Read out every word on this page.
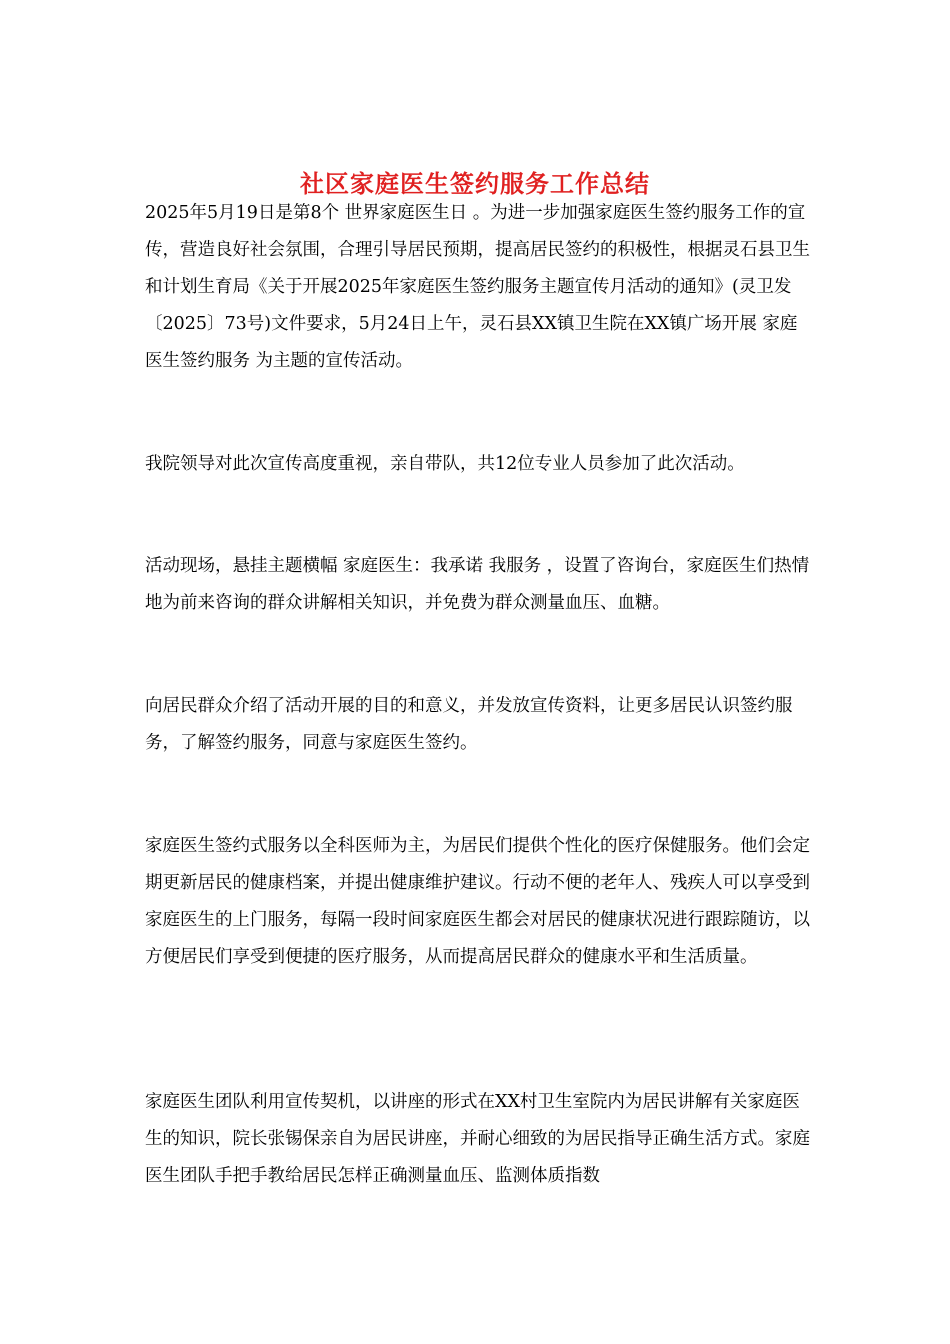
社区家庭医生签约服务工作总结

2025年5月19日是第8个 世界家庭医生日 。为进一步加强家庭医生签约服务工作的宣传，营造良好社会氛围，合理引导居民预期，提高居民签约的积极性，根据灵石县卫生和计划生育局《关于开展2025年家庭医生签约服务主题宣传月活动的通知》(灵卫发〔2025〕73号)文件要求，5月24日上午，灵石县XX镇卫生院在XX镇广场开展 家庭医生签约服务 为主题的宣传活动。

我院领导对此次宣传高度重视，亲自带队，共12位专业人员参加了此次活动。

活动现场，悬挂主题横幅 家庭医生：我承诺 我服务 ，设置了咨询台，家庭医生们热情地为前来咨询的群众讲解相关知识，并免费为群众测量血压、血糖。

向居民群众介绍了活动开展的目的和意义，并发放宣传资料，让更多居民认识签约服务，了解签约服务，同意与家庭医生签约。

家庭医生签约式服务以全科医师为主，为居民们提供个性化的医疗保健服务。他们会定期更新居民的健康档案，并提出健康维护建议。行动不便的老年人、残疾人可以享受到家庭医生的上门服务，每隔一段时间家庭医生都会对居民的健康状况进行跟踪随访，以方便居民们享受到便捷的医疗服务，从而提高居民群众的健康水平和生活质量。

家庭医生团队利用宣传契机，以讲座的形式在XX村卫生室院内为居民讲解有关家庭医生的知识，院长张锡保亲自为居民讲座，并耐心细致的为居民指导正确生活方式。家庭医生团队手把手教给居民怎样正确测量血压、监测体质指数
